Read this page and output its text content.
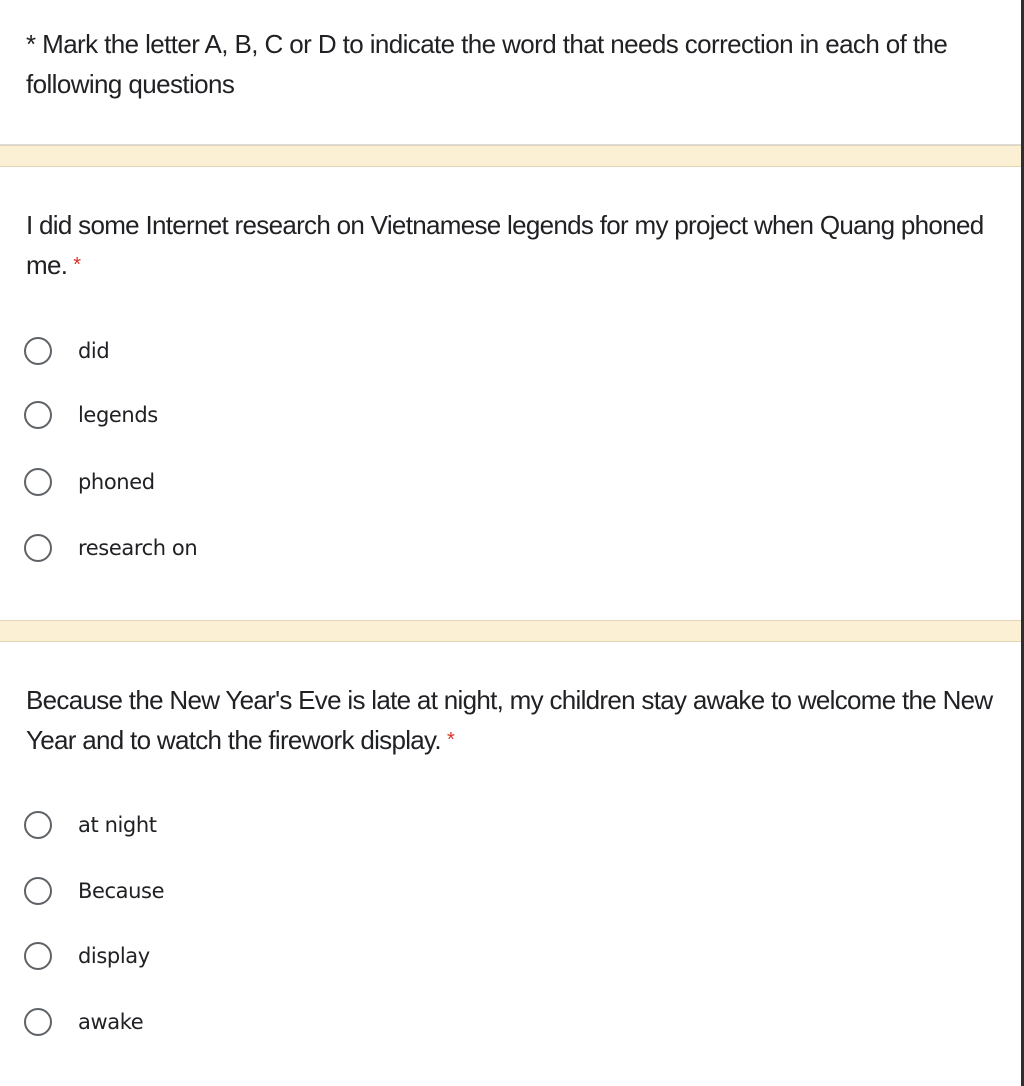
* Mark the letter A, B, C or D to indicate the word that needs correction in each of the following questions
I did some Internet research on Vietnamese legends for my project when Quang phoned me. *
did
legends
phoned
research on
Because the New Year's Eve is late at night, my children stay awake to welcome the New Year and to watch the firework display. *
at night
Because
display
awake
